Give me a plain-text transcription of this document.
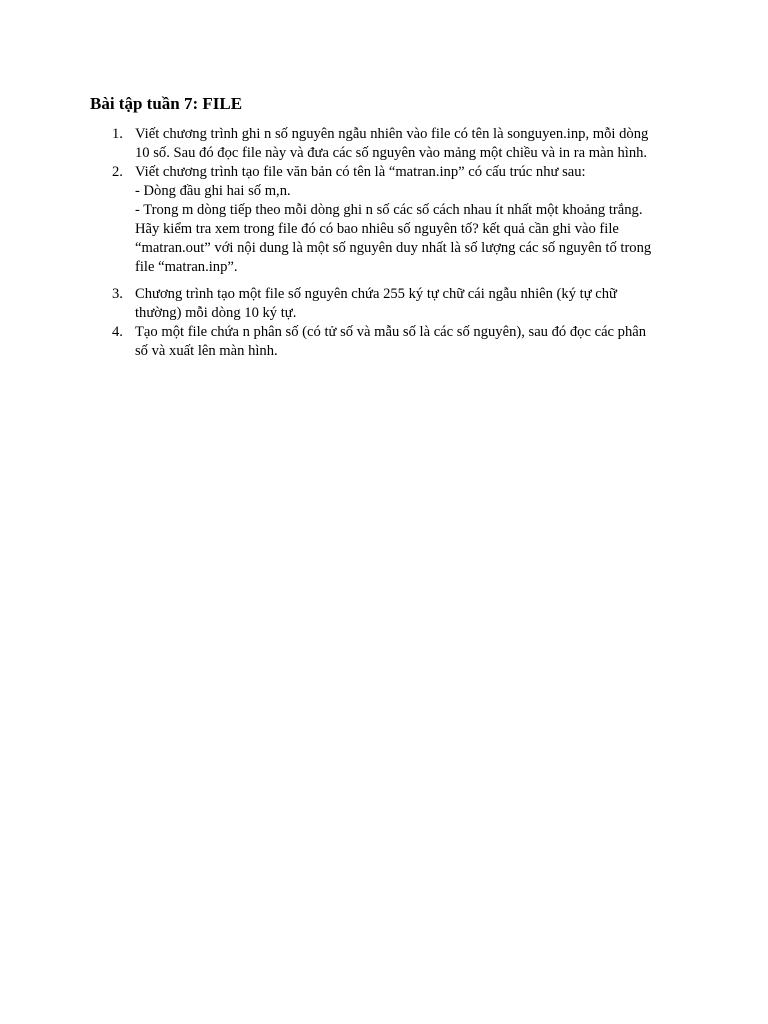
Bài tập tuần 7: FILE
1. Viết chương trình ghi n số nguyên ngẫu nhiên vào file có tên là songuyen.inp, mỗi dòng
10 số. Sau đó đọc file này và đưa các số nguyên vào mảng một chiều và in ra màn hình.
2. Viết chương trình tạo file văn bản có tên là “matran.inp” có cấu trúc như sau:
- Dòng đầu ghi hai số m,n.
- Trong m dòng tiếp theo mỗi dòng ghi n số các số cách nhau ít nhất một khoảng trắng.
Hãy kiểm tra xem trong file đó có bao nhiêu số nguyên tố? kết quả cần ghi vào file
“matran.out” với nội dung là một số nguyên duy nhất là số lượng các số nguyên tố trong
file “matran.inp”.
3. Chương trình tạo một file số nguyên chứa 255 ký tự chữ cái ngẫu nhiên (ký tự chữ
thường) mỗi dòng 10 ký tự.
4. Tạo một file chứa n phân số (có tử số và mẫu số là các số nguyên), sau đó đọc các phân
số và xuất lên màn hình.
